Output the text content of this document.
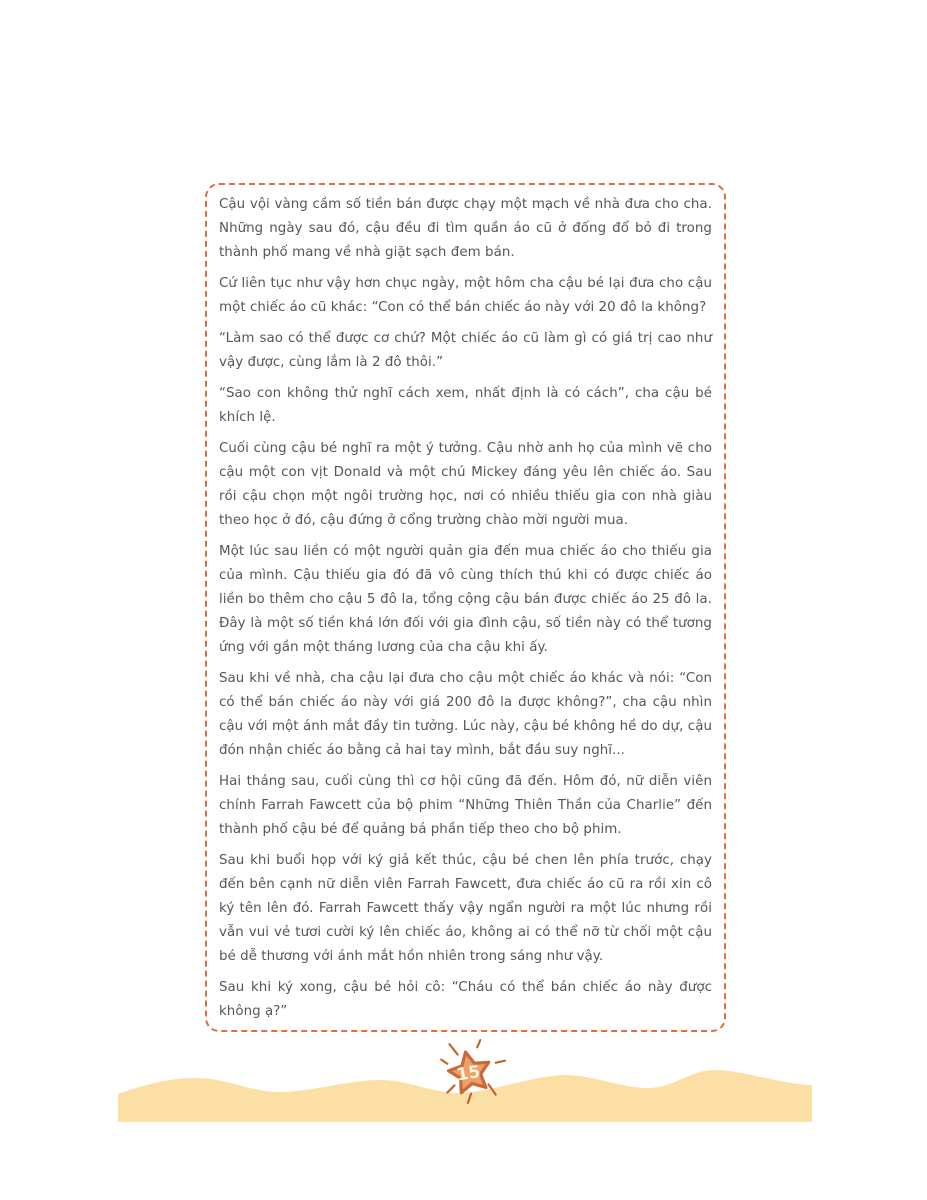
Cậu vội vàng cầm số tiền bán được chạy một mạch về nhà đưa cho cha. Những ngày sau đó, cậu đều đi tìm quần áo cũ ở đống đổ bỏ đi trong thành phố mang về nhà giặt sạch đem bán.

Cứ liên tục như vậy hơn chục ngày, một hôm cha cậu bé lại đưa cho cậu một chiếc áo cũ khác: “Con có thể bán chiếc áo này với 20 đô la không?

“Làm sao có thể được cơ chứ? Một chiếc áo cũ làm gì có giá trị cao như vậy được, cùng lắm là 2 đô thôi.”

“Sao con không thử nghĩ cách xem, nhất định là có cách”, cha cậu bé khích lệ.

Cuối cùng cậu bé nghĩ ra một ý tưởng. Cậu nhờ anh họ của mình vẽ cho cậu một con vịt Donald và một chú Mickey đáng yêu lên chiếc áo. Sau rồi cậu chọn một ngôi trường học, nơi có nhiều thiếu gia con nhà giàu theo học ở đó, cậu đứng ở cổng trường chào mời người mua.

Một lúc sau liền có một người quản gia đến mua chiếc áo cho thiếu gia của mình. Cậu thiếu gia đó đã vô cùng thích thú khi có được chiếc áo liền bo thêm cho cậu 5 đô la, tổng cộng cậu bán được chiếc áo 25 đô la. Đây là một số tiền khá lớn đối với gia đình cậu, số tiền này có thể tương ứng với gần một tháng lương của cha cậu khi ấy.

Sau khi về nhà, cha cậu lại đưa cho cậu một chiếc áo khác và nói: “Con có thể bán chiếc áo này với giá 200 đô la được không?”, cha cậu nhìn cậu với một ánh mắt đầy tin tưởng. Lúc này, cậu bé không hề do dự, cậu đón nhận chiếc áo bằng cả hai tay mình, bắt đầu suy nghĩ...

Hai tháng sau, cuối cùng thì cơ hội cũng đã đến. Hôm đó, nữ diễn viên chính Farrah Fawcett của bộ phim “Những Thiên Thần của Charlie” đến thành phố cậu bé để quảng bá phần tiếp theo cho bộ phim.

Sau khi buổi họp với ký giả kết thúc, cậu bé chen lên phía trước, chạy đến bên cạnh nữ diễn viên Farrah Fawcett, đưa chiếc áo cũ ra rồi xin cô ký tên lên đó. Farrah Fawcett thấy vậy ngẩn người ra một lúc nhưng rồi vẫn vui vẻ tươi cười ký lên chiếc áo, không ai có thể nỡ từ chối một cậu bé dễ thương với ánh mắt hồn nhiên trong sáng như vậy.

Sau khi ký xong, cậu bé hỏi cô: “Cháu có thể bán chiếc áo này được không ạ?”

15
